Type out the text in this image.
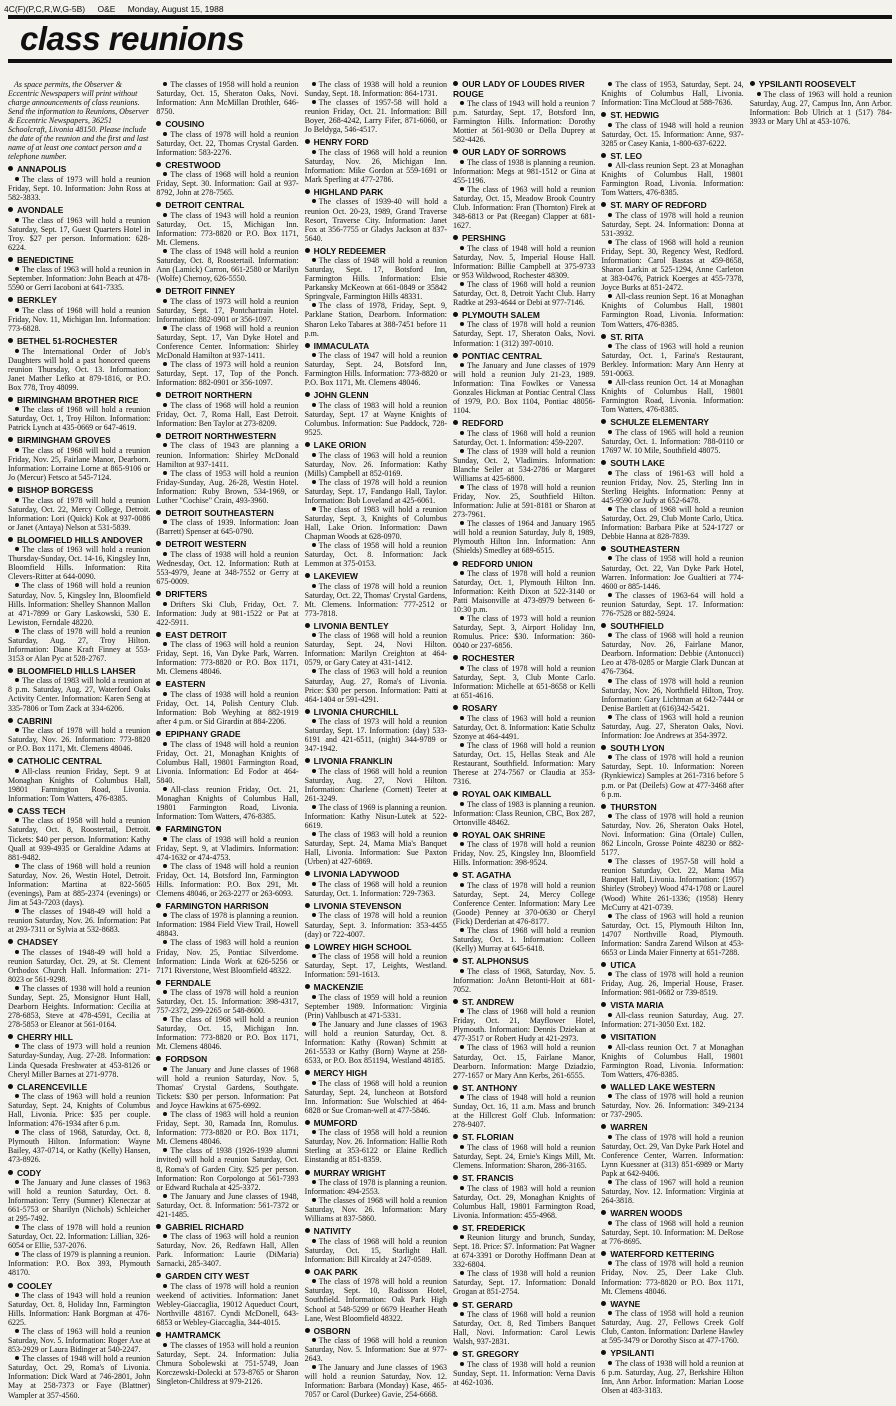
4C(F)(P,C,R,W,G-5B) O&E Monday, August 15, 1988
class reunions

As space permits, the Observer & Eccentric Newspapers will print without charge announcements of class reunions. Send the information to Reunions, Observer & Eccentric Newspapers, 36251 Schoolcraft, Livonia 48150. Please include the date of the reunion and the first and last name of at least one contact person and a telephone number.

ANNAPOLIS

The class of 1973 will hold a reunion Friday, Sept. 10. Information: John Ross at 582-3833.

AVONDALE

The class of 1963 will hold a reunion Saturday, Sept. 17, Guest Quarters Hotel in Troy. $27 per person. Information: 628-6224.

BENEDICTINE

The class of 1963 will hold a reunion in September. Information: John Beach at 478-5590 or Gerri Iacoboni at 641-7335.

BERKLEY

The class of 1968 will hold a reunion Friday, Nov. 11, Michigan Inn. Information: 773-6828.

BETHEL 51-ROCHESTER

The International Order of Job's Daughters will hold a past honored queens reunion Thursday, Oct. 13. Information: Janet Mather Lefko at 879-1816, or P.O. Box 778, Troy 48099.

BIRMINGHAM BROTHER RICE

The class of 1968 will hold a reunion Saturday, Oct. 1, Troy Hilton. Information: Patrick Lynch at 435-0669 or 647-4619.

BIRMINGHAM GROVES

The class of 1968 will hold a reunion Friday, Nov. 25, Fairlane Manor, Dearborn. Information: Lorraine Lorne at 865-9106 or Jo (Mercur) Fetsco at 545-7124.

BISHOP BORGESS

The class of 1978 will hold a reunion Saturday, Oct. 22, Mercy College, Detroit. Information: Lori (Quick) Kok at 937-0086 or Janet (Antaya) Nelson at 531-5839.

BLOOMFIELD HILLS ANDOVER

The class of 1963 will hold a reunion Thursday-Sunday, Oct. 14-16, Kingsley Inn, Bloomfield Hills. Information: Rita Clevers-Ritter at 644-0090.

The class of 1968 will hold a reunion Saturday, Nov. 5, Kingsley Inn, Bloomfield Hills. Information: Shelley Shannon Mallon at 471-7899 or Gary Laskowski, 530 E. Lewiston, Ferndale 48220.

The class of 1978 will hold a reunion Saturday, Aug. 27, Troy Hilton. Information: Diane Kraft Finney at 553-3153 or Alan Pyc at 528-2767.

BLOOMFIELD HILLS LAHSER

The class of 1983 will hold a reunion at 8 p.m. Saturday, Aug. 27, Waterford Oaks Activity Center. Information: Karen Seng at 335-7806 or Tom Zack at 334-6206.

CABRINI

The class of 1978 will hold a reunion Saturday, Nov. 26. Information: 773-8820 or P.O. Box 1171, Mt. Clemens 48046.

CATHOLIC CENTRAL

All-class reunion Friday, Sept. 9 at Monaghan Knights of Columbus Hall, 19801 Farmington Road, Livonia. Information: Tom Watters, 476-8385.

CASS TECH

The class of 1958 will hold a reunion Saturday, Oct. 8, Roostertail, Detroit. Tickets: $40 per person. Information: Kathy Quall at 939-4935 or Geraldine Adams at 881-9482.

The class of 1968 will hold a reunion Saturday, Nov. 26, Westin Hotel, Detroit. Information: Martina at 822-5605 (evenings), Pam at 885-2374 (evenings) or Jim at 543-7203 (days).

The classes of 1948-49 will hold a reunion Saturday, Nov. 26. Information: Pat at 293-7311 or Sylvia at 532-8683.

CHADSEY

The classes of 1948-49 will hold a reunion Saturday, Oct. 29, at St. Clement Orthodox Church Hall. Information: 271-8023 or 561-9298.

The classes of 1938 will hold a reunion Sunday, Sept. 25, Monsignor Hunt Hall, Dearborn Heights. Information: Cecilia at 278-6853, Steve at 478-4591, Cecilia at 278-5853 or Eleanor at 561-0164.

CHERRY HILL

The class of 1973 will hold a reunion Saturday-Sunday, Aug. 27-28. Information: Linda Quesada Freshwater at 453-8126 or Cheryl Miller Barnes at 271-9778.

CLARENCEVILLE

The class of 1963 will hold a reunion Saturday, Sept. 24, Knights of Columbus Hall, Livonia. Price: $35 per couple. Information: 476-1934 after 6 p.m.

The class of 1968, Saturday, Oct. 8, Plymouth Hilton. Information: Wayne Bailey, 437-0714, or Kathy (Kelly) Hansen, 473-8926.

CODY

The January and June classes of 1963 will hold a reunion Saturday, Oct. 8. Information: Terry (Sumner) Kleneczar at 661-5753 or Sharilyn (Nichols) Schleicher at 295-7492.

The class of 1978 will hold a reunion Saturday, Oct. 22. Information: Lillian, 326-6054 or Ellie, 537-2076.

The class of 1979 is planning a reunion. Information: P.O. Box 393, Plymouth 48170.

COOLEY

The class of 1943 will hold a reunion Saturday, Oct. 8, Holiday Inn, Farmington Hills. Information: Hank Borgman at 476-6225.

The class of 1963 will hold a reunion Saturday, Nov. 5. Information: Roger Axe at 853-2929 or Laura Bidinger at 540-2247.

The classes of 1948 will hold a reunion Saturday, Oct. 29, Roma's of Livonia. Information: Dick Ward at 746-2801, John May at 258-7373 or Faye (Blattner) Wampler at 357-4560.

The classes of 1958 will hold a reunion Saturday, Oct. 15, Sheraton Oaks, Novi. Information: Ann McMillan Drothler, 646-8750.

COUSINO

The class of 1978 will hold a reunion Saturday, Oct. 22, Thomas Crystal Garden. Information: 583-2276.

CRESTWOOD

The class of 1968 will hold a reunion Friday, Sept. 30. Information: Gail at 937-8792, John at 278-7565.

DETROIT CENTRAL

The class of 1943 will hold a reunion Saturday, Oct. 15, Michigan Inn. Information: 773-8820 or P.O. Box 1171, Mt. Clemens.

The class of 1948 will hold a reunion Saturday, Oct. 8, Roostertail. Information: Ann (Lamick) Carron, 661-2580 or Marilyn (Wolfe) Chernoy, 626-5550.

DETROIT FINNEY

The class of 1973 will hold a reunion Saturday, Sept. 17, Pontchartrain Hotel. Information: 882-0901 or 356-1097.

The class of 1968 will hold a reunion Saturday, Sept. 17, Van Dyke Hotel and Conference Center. Information: Shirley McDonald Hamilton at 937-1411.

The class of 1973 will hold a reunion Saturday, Sept. 17, Top of the Ponch. Information: 882-0901 or 356-1097.

DETROIT NORTHERN

The class of 1968 will hold a reunion Friday, Oct. 7, Roma Hall, East Detroit. Information: Ben Taylor at 273-8209.

DETROIT NORTHWESTERN

The class of 1943 are planning a reunion. Information: Shirley McDonald Hamilton at 937-1411.

The class of 1953 will hold a reunion Friday-Sunday, Aug. 26-28, Westin Hotel. Information: Ruby Brown, 534-1969, or Luther "Cochise" Crain, 493-3960.

DETROIT SOUTHEASTERN

The class of 1939. Information: Joan (Barrett) Spenser at 645-0790.

DETROIT WESTERN

The class of 1938 will hold a reunion Wednesday, Oct. 12. Information: Ruth at 553-4979, Jeane at 348-7552 or Gerry at 675-0009.

DRIFTERS

Drifters Ski Club, Friday, Oct. 7. Information: Judy at 981-1522 or Pat at 422-5911.

EAST DETROIT

The class of 1963 will hold a reunion Friday, Sept. 16, Van Dyke Park, Warren. Information: 773-8820 or P.O. Box 1171, Mt. Clemens 48046.

EASTERN

The class of 1938 will hold a reunion Friday, Oct. 14, Polish Century Club. Information: Bob Weyhing at 882-1919 after 4 p.m. or Sid Girardin at 884-2206.

EPIPHANY GRADE

The class of 1948 will hold a reunion Friday, Oct. 21, Monaghan Knights of Columbus Hall, 19801 Farmington Road, Livonia. Information: Ed Fodor at 464-5840.

All-class reunion Friday, Oct. 21, Monaghan Knights of Columbus Hall, 19801 Farmington Road, Livonia. Information: Tom Watters, 476-8385.

FARMINGTON

The class of 1938 will hold a reunion Friday, Sept. 9, at Vladimirs. Information: 474-1632 or 474-4753.

The class of 1948 will hold a reunion Friday, Oct. 14, Botsford Inn, Farmington Hills. Information: P.O. Box 291, Mt. Clemens 48046, or 263-2277 or 263-6093.

FARMINGTON HARRISON

The class of 1978 is planning a reunion. Information: 1984 Field View Trail, Howell 48843.

The class of 1983 will hold a reunion Friday, Nov. 25, Pontiac Silverdome. Information: Linda Work at 626-5256 or 7171 Riverstone, West Bloomfield 48322.

FERNDALE

The class of 1978 will hold a reunion Saturday, Oct. 15. Information: 398-4317, 757-2372, 299-2265 or 548-8600.

The class of 1968 will hold a reunion Saturday, Oct. 15, Michigan Inn. Information: 773-8820 or P.O. Box 1171, Mt. Clemens 48046.

FORDSON

The January and June classes of 1968 will hold a reunion Saturday, Nov. 5, Thomas' Crystal Gardens, Southgate. Tickets: $30 per person. Information: Pat and Joyce Hawkins at 675-6992.

The class of 1983 will hold a reunion Friday, Sept. 30, Ramada Inn, Romulus. Information: 773-8820 or P.O. Box 1171, Mt. Clemens 48046.

The class of 1938 (1926-1939 alumni invited) will hold a reunion Saturday, Oct. 8, Roma's of Garden City. $25 per person. Information: Ron Corpolongo at 561-7393 or Edward Ruchala at 425-3372.

The January and June classes of 1948, Saturday, Oct. 8. Information: 561-7372 or 421-1485.

GABRIEL RICHARD

The class of 1963 will hold a reunion Saturday, Nov. 26, Redfawn Hall, Allen Park. Information: Laurie (DiMaria) Sarnacki, 285-3407.

GARDEN CITY WEST

The class of 1978 will hold a reunion weekend of activities. Information: Janet Webley-Giaccaglia, 19012 Aqueduct Court, Northville 48167. Cyndi McDonell, 643-6853 or Webley-Giaccaglia, 344-4015.

HAMTRAMCK

The classes of 1953 will hold a reunion Saturday, Sept. 24. Information: Julia Chmura Sobolewski at 751-5749, Joan Korczewski-Dolecki at 573-8765 or Sharon Singleton-Childress at 979-2126.

The class of 1938 will hold a reunion Sunday, Sept. 18. Information: 864-1731.

The classes of 1957-58 will hold a reunion Friday, Oct. 21. Information: Bill Boyer, 268-4242, Larry Fifer, 871-6060, or Jo Beldyga, 546-4517.

HENRY FORD

The class of 1968 will hold a reunion Saturday, Nov. 26, Michigan Inn. Information: Mike Gordon at 559-1691 or Mark Sperling at 477-2786.

HIGHLAND PARK

The classes of 1939-40 will hold a reunion Oct. 20-23, 1989, Grand Traverse Resort, Traverse City. Information: Janet Fox at 356-7755 or Gladys Jackson at 837-5640.

HOLY REDEEMER

The class of 1948 will hold a reunion Saturday, Sept. 17, Botsford Inn, Farmington Hills. Information: Elsie Parkansky McKeown at 661-0849 or 35842 Springvale, Farmington Hills 48331.

The class of 1978, Friday, Sept. 9, Parklane Station, Dearborn. Information: Sharon Leko Tabares at 388-7451 before 11 p.m.

IMMACULATA

The class of 1947 will hold a reunion Saturday, Sept. 24, Botsford Inn, Farmington Hills. Information: 773-8820 or P.O. Box 1171, Mt. Clemens 48046.

JOHN GLENN

The class of 1983 will hold a reunion Saturday, Sept. 17 at Wayne Knights of Columbus. Information: Sue Paddock, 728-9525.

LAKE ORION

The class of 1963 will hold a reunion Saturday, Nov. 26. Information: Kathy (Mills) Campbell at 852-0169.

The class of 1978 will hold a reunion Saturday, Sept. 17, Fandango Hall, Taylor. Information: Bob Loveland at 425-6061.

The class of 1983 will hold a reunion Saturday, Sept. 3, Knights of Columbus Hall, Lake Orion. Information: Dawn Chapman Woods at 628-0970.

The class of 1958 will hold a reunion Saturday, Oct. 8. Information: Jack Lemmon at 375-0153.

LAKEVIEW

The class of 1978 will hold a reunion Saturday, Oct. 22, Thomas' Crystal Gardens, Mt. Clemens. Information: 777-2512 or 773-7818.

LIVONIA BENTLEY

The class of 1968 will hold a reunion Saturday, Sept. 24, Novi Hilton. Information: Marilyn Creighton at 464-0579, or Gary Catey at 431-1412.

The class of 1963 will hold a reunion Saturday, Aug. 27, Roma's of Livonia. Price: $30 per person. Information: Patti at 464-1404 or 591-4291.

LIVONIA CHURCHILL

The class of 1973 will hold a reunion Saturday, Sept. 17. Information: (day) 533-6191 and 421-6511, (night) 344-9789 or 347-1942.

LIVONIA FRANKLIN

The class of 1968 will hold a reunion Saturday, Aug. 27, Novi Hilton. Information: Charlene (Cornett) Teeter at 261-3249.

The class of 1969 is planning a reunion. Information: Kathy Nisun-Lutek at 522-6619.

The class of 1983 will hold a reunion Saturday, Sept. 24, Mama Mia's Banquet Hall, Livonia. Information: Sue Paxton (Urben) at 427-6869.

LIVONIA LADYWOOD

The class of 1968 will hold a reunion Saturday, Oct. 1. Information: 729-7363.

LIVONIA STEVENSON

The class of 1978 will hold a reunion Saturday, Sept. 3. Information: 353-4455 (day) or 722-4007.

LOWREY HIGH SCHOOL

The class of 1958 will hold a reunion Saturday, Sept. 17, Leights, Westland. Information: 591-1613.

MACKENZIE

The class of 1959 will hold a reunion September 1989. Information: Virginia (Prin) Vahlbusch at 471-5331.

The January and June classes of 1963 will hold a reunion Saturday, Oct. 8. Information: Kathy (Rowan) Schmitt at 261-5533 or Kathy (Born) Wayne at 258-6533, or P.O. Box 851194, Westland 48185.

MERCY HIGH

The class of 1968 will hold a reunion Saturday, Sept. 24, luncheon at Botsford Inn. Information: Sue Wolschied at 464-6828 or Sue Croman-well at 477-5846.

MUMFORD

The class of 1958 will hold a reunion Saturday, Nov. 26. Information: Hallie Roth Sterling at 353-6122 or Elaine Redlich Einstandig at 851-8359.

MURRAY WRIGHT

The class of 1978 is planning a reunion. Information: 494-2553.

The classes of 1968 will hold a reunion Saturday, Nov. 26. Information: Mary Williams at 837-5860.

NATIVITY

The class of 1968 will hold a reunion Saturday, Oct. 15, Starlight Hall. Information: Bill Kircaldy at 247-0589.

OAK PARK

The class of 1978 will hold a reunion Saturday, Sept. 10, Radisson Hotel, Southfield. Information: Oak Park High School at 548-5299 or 6679 Heather Heath Lane, West Bloomfield 48322.

OSBORN

The class of 1968 will hold a reunion Saturday, Nov. 5. Information: Sue at 977-2643.

The January and June classes of 1963 will hold a reunion Saturday, Nov. 12. Information: Barbara (Monday) Kase, 465-7057 or Carol (Durkee) Gavie, 254-6668.

OUR LADY OF LOUDES RIVER ROUGE

The class of 1943 will hold a reunion 7 p.m. Saturday, Sept. 17, Botsford Inn, Farmington Hills. Information: Dorothy Mottier at 561-9030 or Della Duprey at 582-4426.

OUR LADY OF SORROWS

The class of 1938 is planning a reunion. Information: Megs at 981-1512 or Gina at 455-1196.

The class of 1963 will hold a reunion Saturday, Oct. 15, Meadow Brook Country Club. Information: Fran (Thornton) Firek at 348-6813 or Pat (Reegan) Clapper at 681-1627.

PERSHING

The class of 1948 will hold a reunion Saturday, Nov. 5, Imperial House Hall. Information: Billie Campbell at 375-9733 or 953 Wildwood, Rochester 48309.

The class of 1968 will hold a reunion Saturday, Oct. 8, Detroit Yacht Club. Harry Radtke at 293-4644 or Debi at 977-7146.

PLYMOUTH SALEM

The class of 1978 will hold a reunion Saturday, Sept. 17, Sheraton Oaks, Novi. Information: 1 (312) 397-0010.

PONTIAC CENTRAL

The January and June classes of 1979 will hold a reunion July 21-23, 1989. Information: Tina Fowlkes or Vanessa Gonzales Hickman at Pontiac Central Class of 1979, P.O. Box 1104, Pontiac 48056-1104.

REDFORD

The class of 1968 will hold a reunion Saturday, Oct. 1. Information: 459-2207.

The class of 1939 will hold a reunion Sunday, Oct. 2, Vladimirs. Information: Blanche Seiler at 534-2786 or Margaret Williams at 425-6800.

The class of 1978 will hold a reunion Friday, Nov. 25, Southfield Hilton. Information: Julie at 591-8181 or Sharon at 273-7961.

The classes of 1964 and January 1965 will hold a reunion Saturday, July 8, 1989, Plymouth Hilton Inn. Information: Ann (Shields) Smedley at 689-6515.

REDFORD UNION

The class of 1978 will hold a reunion Saturday, Oct. 1, Plymouth Hilton Inn. Information: Keith Dixon at 522-3140 or Patti Maisonville at 473-8979 between 6-10:30 p.m.

The class of 1973 will hold a reunion Saturday, Sept. 3, Airport Holiday Inn, Romulus. Price: $30. Information: 360-0040 or 237-6856.

ROCHESTER

The class of 1978 will hold a reunion Saturday, Sept. 3, Club Monte Carlo. Information: Michelle at 651-8658 or Kelli at 651-4616.

ROSARY

The class of 1963 will hold a reunion Saturday, Oct. 8. Information: Katie Schultz Szonye at 464-4491.

The class of 1968 will hold a reunion Saturday, Oct. 15, Hellas Steak and Ale Restaurant, Southfield. Information: Mary Therese at 274-7567 or Claudia at 353-7316.

ROYAL OAK KIMBALL

The class of 1983 is planning a reunion. Information: Class Reunion, CBC, Box 287, Ortonville 48462.

ROYAL OAK SHRINE

The class of 1978 will hold a reunion Friday, Nov. 25, Kingsley Inn, Bloomfield Hills. Information: 398-9524.

ST. AGATHA

The class of 1978 will hold a reunion Saturday, Sept. 24, Mercy College Conference Center. Information: Mary Lee (Goode) Penney at 370-0630 or Cheryl (Fick) Derderian at 476-8177.

The class of 1968 will hold a reunion Saturday, Oct. 1. Information: Colleen (Kelly) Murray at 645-6418.

ST. ALPHONSUS

The class of 1968, Saturday, Nov. 5. Information: JoAnn Betonti-Hoit at 681-7052.

ST. ANDREW

The class of 1968 will hold a reunion Friday, Oct. 21, Mayflower Hotel, Plymouth. Information: Dennis Dziekan at 477-3517 or Robert Hudy at 421-2973.

The class of 1963 will hold a reunion Saturday, Oct. 15, Fairlane Manor, Dearborn. Information: Marge Dziadzio, 277-1657 or Mary Ann Kerbs, 261-6555.

ST. ANTHONY

The class of 1948 will hold a reunion Sunday, Oct. 16, 11 a.m. Mass and brunch at the Hillcrest Golf Club. Information: 278-9407.

ST. FLORIAN

The class of 1968 will hold a reunion Saturday, Sept. 24, Ernie's Kings Mill, Mt. Clemens. Information: Sharon, 286-3165.

ST. FRANCIS

The class of 1983 will hold a reunion Saturday, Oct. 29, Monaghan Knights of Columbus Hall, 19801 Farmington Road, Livonia. Information: 455-4968.

ST. FREDERICK

Reunion liturgy and brunch, Sunday, Sept. 18. Price: $7. Information: Pat Wagner at 674-3391 or Dorothy Hoffmann Dean at 332-6804.

The class of 1938 will hold a reunion Saturday, Sept. 17. Information: Donald Grogan at 851-2754.

ST. GERARD

The class of 1968 will hold a reunion Saturday, Oct. 8, Red Timbers Banquet Hall, Novi. Information: Carol Lewis Walsh, 937-2831.

ST. GREGORY

The class of 1938 will hold a reunion Sunday, Sept. 11. Information: Verna Davis at 462-1036.

The class of 1953, Saturday, Sept. 24, Knights of Columbus Hall, Livonia. Information: Tina McCloud at 588-7636.

ST. HEDWIG

The class of 1948 will hold a reunion Saturday, Oct. 15. Information: Anne, 937-3285 or Casey Kania, 1-800-637-6222.

ST. LEO

All-class reunion Sept. 23 at Monaghan Knights of Columbus Hall, 19801 Farmington Road, Livonia. Information: Tom Watters, 476-8385.

ST. MARY OF REDFORD

The class of 1978 will hold a reunion Saturday, Sept. 24. Information: Donna at 531-3932.

The class of 1968 will hold a reunion Friday, Sept. 30, Regency West, Redford. Information: Carol Bastas at 459-8658, Sharon Larkin at 525-1294, Anne Carleton at 383-0476, Patrick Koerges at 455-7378, Joyce Burks at 851-2472.

All-class reunion Sept. 16 at Monaghan Knights of Columbus Hall, 19801 Farmington Road, Livonia. Information: Tom Watters, 476-8385.

ST. RITA

The class of 1963 will hold a reunion Saturday, Oct. 1, Farina's Restaurant, Berkley. Information: Mary Ann Henry at 591-0063.

All-class reunion Oct. 14 at Monaghan Knights of Columbus Hall, 19801 Farmington Road, Livonia. Information: Tom Watters, 476-8385.

SCHULZE ELEMENTARY

The class of 1965 will hold a reunion Saturday, Oct. 1. Information: 788-0110 or 17697 W. 10 Mile, Southfield 48075.

SOUTH LAKE

The class of 1961-63 will hold a reunion Friday, Nov. 25, Sterling Inn in Sterling Heights. Information: Penny at 445-9590 or Judy at 652-6478.

The class of 1968 will hold a reunion Saturday, Oct. 29, Club Monte Carlo, Utica. Information: Barbara Pike at 524-1727 or Debbie Hanna at 828-7839.

SOUTHEASTERN

The class of 1958 will hold a reunion Saturday, Oct. 22, Van Dyke Park Hotel, Warren. Information: Joe Gualtieri at 774-4600 or 885-1446.

The classes of 1963-64 will hold a reunion Saturday, Sept. 17. Information: 776-7528 or 882-5924.

SOUTHFIELD

The class of 1968 will hold a reunion Saturday, Nov. 26, Fairlane Manor, Dearborn. Information: Debbie (Antonucci) Leo at 478-0285 or Margie Clark Duncan at 476-7364.

The class of 1978 will hold a reunion Saturday, Nov. 26, Northfield Hilton, Troy. Information: Gary Lichtman at 642-7444 or Denise Bartlett at (616)342-5421.

The class of 1963 will hold a reunion Saturday, Aug. 27, Sheraton Oaks, Novi. Information: Joe Andrews at 354-3972.

SOUTH LYON

The class of 1978 will hold a reunion Saturday, Sept. 10. Information: Noreen (Rynkiewicz) Samples at 261-7316 before 5 p.m. or Pat (Deilefs) Gow at 477-3468 after 6 p.m.

THURSTON

The class of 1978 will hold a reunion Saturday, Nov. 26, Sheraton Oaks Hotel, Novi. Information: Gina (Ortale) Cullen, 862 Lincoln, Grosse Pointe 48230 or 882-5177.

The classes of 1957-58 will hold a reunion Saturday, Oct. 22, Mama Mia Banquet Hall, Livonia. Information: (1957) Shirley (Strobey) Wood 474-1708 or Laurel (Wood) White 261-1336; (1958) Henry McCurry at 421-0739.

The class of 1963 will hold a reunion Saturday, Oct. 15, Plymouth Hilton Inn, 14707 Northville Road, Plymouth. Information: Sandra Zarend Wilson at 453-6653 or Linda Maier Finnerty at 651-7288.

UTICA

The class of 1978 will hold a reunion Friday, Aug. 26, Imperial House, Fraser. Information: 981-0682 or 739-8519.

VISTA MARIA

All-class reunion Saturday, Aug. 27. Information: 271-3050 Ext. 182.

VISITATION

All-class reunion Oct. 7 at Monaghan Knights of Columbus Hall, 19801 Farmington Road, Livonia. Information: Tom Watters, 476-8385.

WALLED LAKE WESTERN

The class of 1978 will hold a reunion Saturday, Nov. 26. Information: 349-2134 or 737-2905.

WARREN

The class of 1978 will hold a reunion Saturday, Oct. 29, Van Dyke Park Hotel and Conference Center, Warren. Information: Lynn Kuessner at (313) 851-6989 or Marty Papk at 642-9406.

The class of 1967 will hold a reunion Saturday, Nov. 12. Information: Virginia at 264-3818.

WARREN WOODS

The class of 1968 will hold a reunion Saturday, Sept. 10. Information: M. DeRose at 776-8695.

WATERFORD KETTERING

The class of 1978 will hold a reunion Friday, Nov. 25, Deer Lake Club. Information: 773-8820 or P.O. Box 1171, Mt. Clemens 48046.

WAYNE

The class of 1958 will hold a reunion Saturday, Aug. 27, Fellows Creek Golf Club, Canton. Information: Darlene Hawley at 595-3479 or Dorothy Sisco at 477-1760.

YPSILANTI

The class of 1938 will hold a reunion at 6 p.m. Saturday, Aug. 27, Berkshire Hilton Inn, Ann Arbor. Information: Marian Loose Olsen at 483-3183.

YPSILANTI ROOSEVELT

The class of 1963 will hold a reunion Saturday, Aug. 27, Campus Inn, Ann Arbor. Information: Bob Ulrich at 1 (517) 784-3933 or Mary Uhl at 453-1076.
